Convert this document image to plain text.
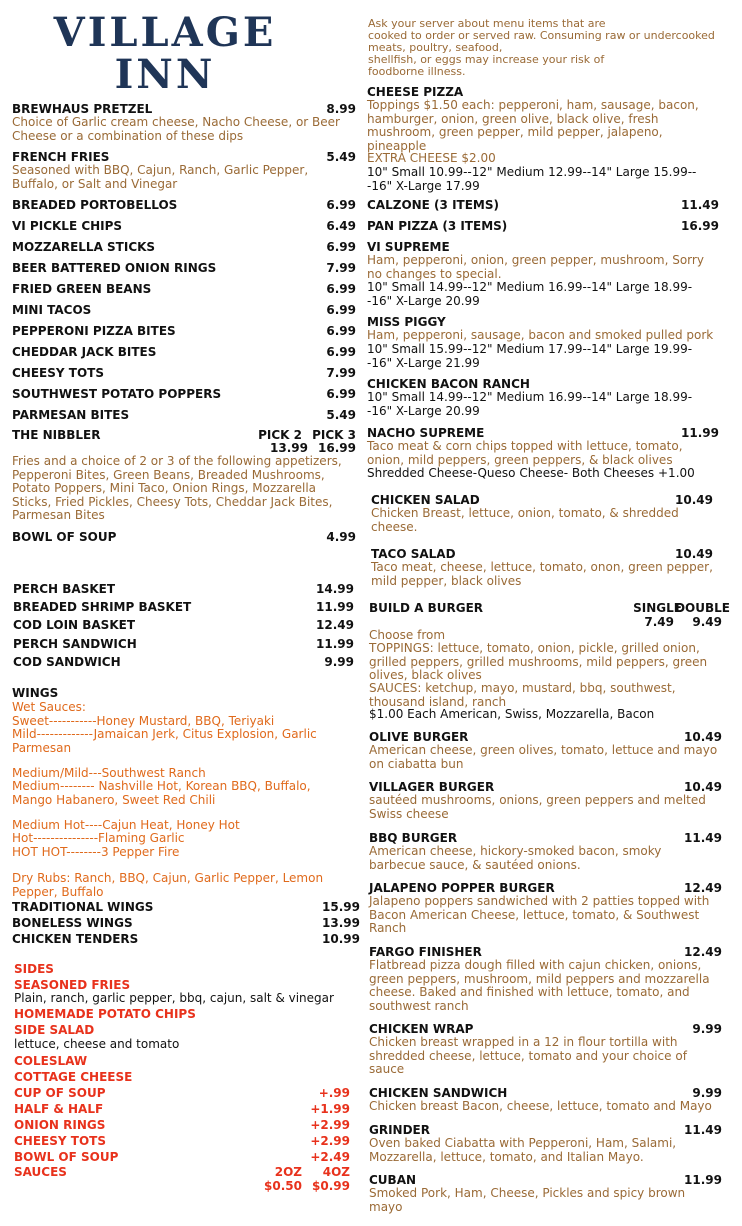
VILLAGE
INN
Ask your server about menu items that are
cooked to order or served raw. Consuming raw or undercooked
meats, poultry, seafood,
shellfish, or eggs may increase your risk of
foodborne illness.
BREWHAUS PRETZEL	8.99
Choice of Garlic cream cheese, Nacho Cheese, or Beer Cheese or a combination of these dips
FRENCH FRIES	5.49
Seasoned with BBQ, Cajun, Ranch, Garlic Pepper, Buffalo, or Salt and Vinegar
BREADED PORTOBELLOS	6.99
VI PICKLE CHIPS	6.49
MOZZARELLA STICKS	6.99
BEER BATTERED ONION RINGS	7.99
FRIED GREEN BEANS	6.99
MINI TACOS	6.99
PEPPERONI PIZZA BITES	6.99
CHEDDAR JACK BITES	6.99
CHEESY TOTS	7.99
SOUTHWEST POTATO POPPERS	6.99
PARMESAN BITES	5.49
THE NIBBLER	PICK 2 PICK 3
13.99 16.99
Fries and a choice of 2 or 3 of the following appetizers, Pepperoni Bites, Green Beans, Breaded Mushrooms, Potato Poppers, Mini Taco, Onion Rings, Mozzarella Sticks, Fried Pickles, Cheesy Tots, Cheddar Jack Bites, Parmesan Bites
BOWL OF SOUP	4.99
PERCH BASKET	14.99
BREADED SHRIMP BASKET	11.99
COD LOIN BASKET	12.49
PERCH SANDWICH	11.99
COD SANDWICH	9.99
WINGS
Wet Sauces:
Sweet-----------Honey Mustard, BBQ, Teriyaki
Mild-------------Jamaican Jerk, Citus Explosion, Garlic Parmesan
Medium/Mild---Southwest Ranch
Medium-------- Nashville Hot, Korean BBQ, Buffalo, Mango Habanero, Sweet Red Chili
Medium Hot----Cajun Heat, Honey Hot
Hot---------------Flaming Garlic
HOT HOT--------3 Pepper Fire
Dry Rubs: Ranch, BBQ, Cajun, Garlic Pepper, Lemon Pepper, Buffalo
TRADITIONAL WINGS	15.99
BONELESS WINGS	13.99
CHICKEN TENDERS	10.99
SIDES
SEASONED FRIES
Plain, ranch, garlic pepper, bbq, cajun, salt & vinegar
HOMEMADE POTATO CHIPS
SIDE SALAD
lettuce, cheese and tomato
COLESLAW
COTTAGE CHEESE
CUP OF SOUP	+.99
HALF & HALF	+1.99
ONION RINGS	+2.99
CHEESY TOTS	+2.99
BOWL OF SOUP	+2.49
SAUCES	2OZ 4OZ
$0.50 $0.99
CHEESE PIZZA
Toppings $1.50 each: pepperoni, ham, sausage, bacon, hamburger, onion, green olive, black olive, fresh mushroom, green pepper, mild pepper, jalapeno, pineapple
EXTRA CHEESE $2.00
10" Small 10.99--12" Medium 12.99--14" Large 15.99---16" X-Large 17.99
CALZONE (3 ITEMS)	11.49
PAN PIZZA (3 ITEMS)	16.99
VI SUPREME
Ham, pepperoni, onion, green pepper, mushroom, Sorry no changes to special.
10" Small 14.99--12" Medium 16.99--14" Large 18.99--16" X-Large 20.99
MISS PIGGY
Ham, pepperoni, sausage, bacon and smoked pulled pork
10" Small 15.99--12" Medium 17.99--14" Large 19.99--16" X-Large 21.99
CHICKEN BACON RANCH
10" Small 14.99--12" Medium 16.99--14" Large 18.99--16" X-Large 20.99
NACHO SUPREME	11.99
Taco meat & corn chips topped with lettuce, tomato, onion, mild peppers, green peppers, & black olives
Shredded Cheese-Queso Cheese- Both Cheeses +1.00
CHICKEN SALAD	10.49
Chicken Breast, lettuce, onion, tomato, & shredded cheese.
TACO SALAD	10.49
Taco meat, cheese, lettuce, tomato, onon, green pepper, mild pepper, black olives
BUILD A BURGER	SINGLE
DOUBLE
7.49 9.49
Choose from
TOPPINGS: lettuce, tomato, onion, pickle, grilled onion, grilled peppers, grilled mushrooms, mild peppers, green olives, black olives
SAUCES: ketchup, mayo, mustard, bbq, southwest, thousand island, ranch
$1.00 Each American, Swiss, Mozzarella, Bacon
OLIVE BURGER	10.49
American cheese, green olives, tomato, lettuce and mayo on ciabatta bun
VILLAGER BURGER	10.49
sautéed mushrooms, onions, green peppers and melted Swiss cheese
BBQ BURGER	11.49
American cheese, hickory-smoked bacon, smoky barbecue sauce, & sautéed onions.
JALAPENO POPPER BURGER	12.49
Jalapeno poppers sandwiched with 2 patties topped with Bacon American Cheese, lettuce, tomato, & Southwest Ranch
FARGO FINISHER	12.49
Flatbread pizza dough filled with cajun chicken, onions, green peppers, mushroom, mild peppers and mozzarella cheese. Baked and finished with lettuce, tomato, and southwest ranch
CHICKEN WRAP	9.99
Chicken breast wrapped in a 12 in flour tortilla with shredded cheese, lettuce, tomato and your choice of sauce
CHICKEN SANDWICH	9.99
Chicken breast Bacon, cheese, lettuce, tomato and Mayo
GRINDER	11.49
Oven baked Ciabatta with Pepperoni, Ham, Salami, Mozzarella, lettuce, tomato, and Italian Mayo.
CUBAN	11.99
Smoked Pork, Ham, Cheese, Pickles and spicy brown mayo
